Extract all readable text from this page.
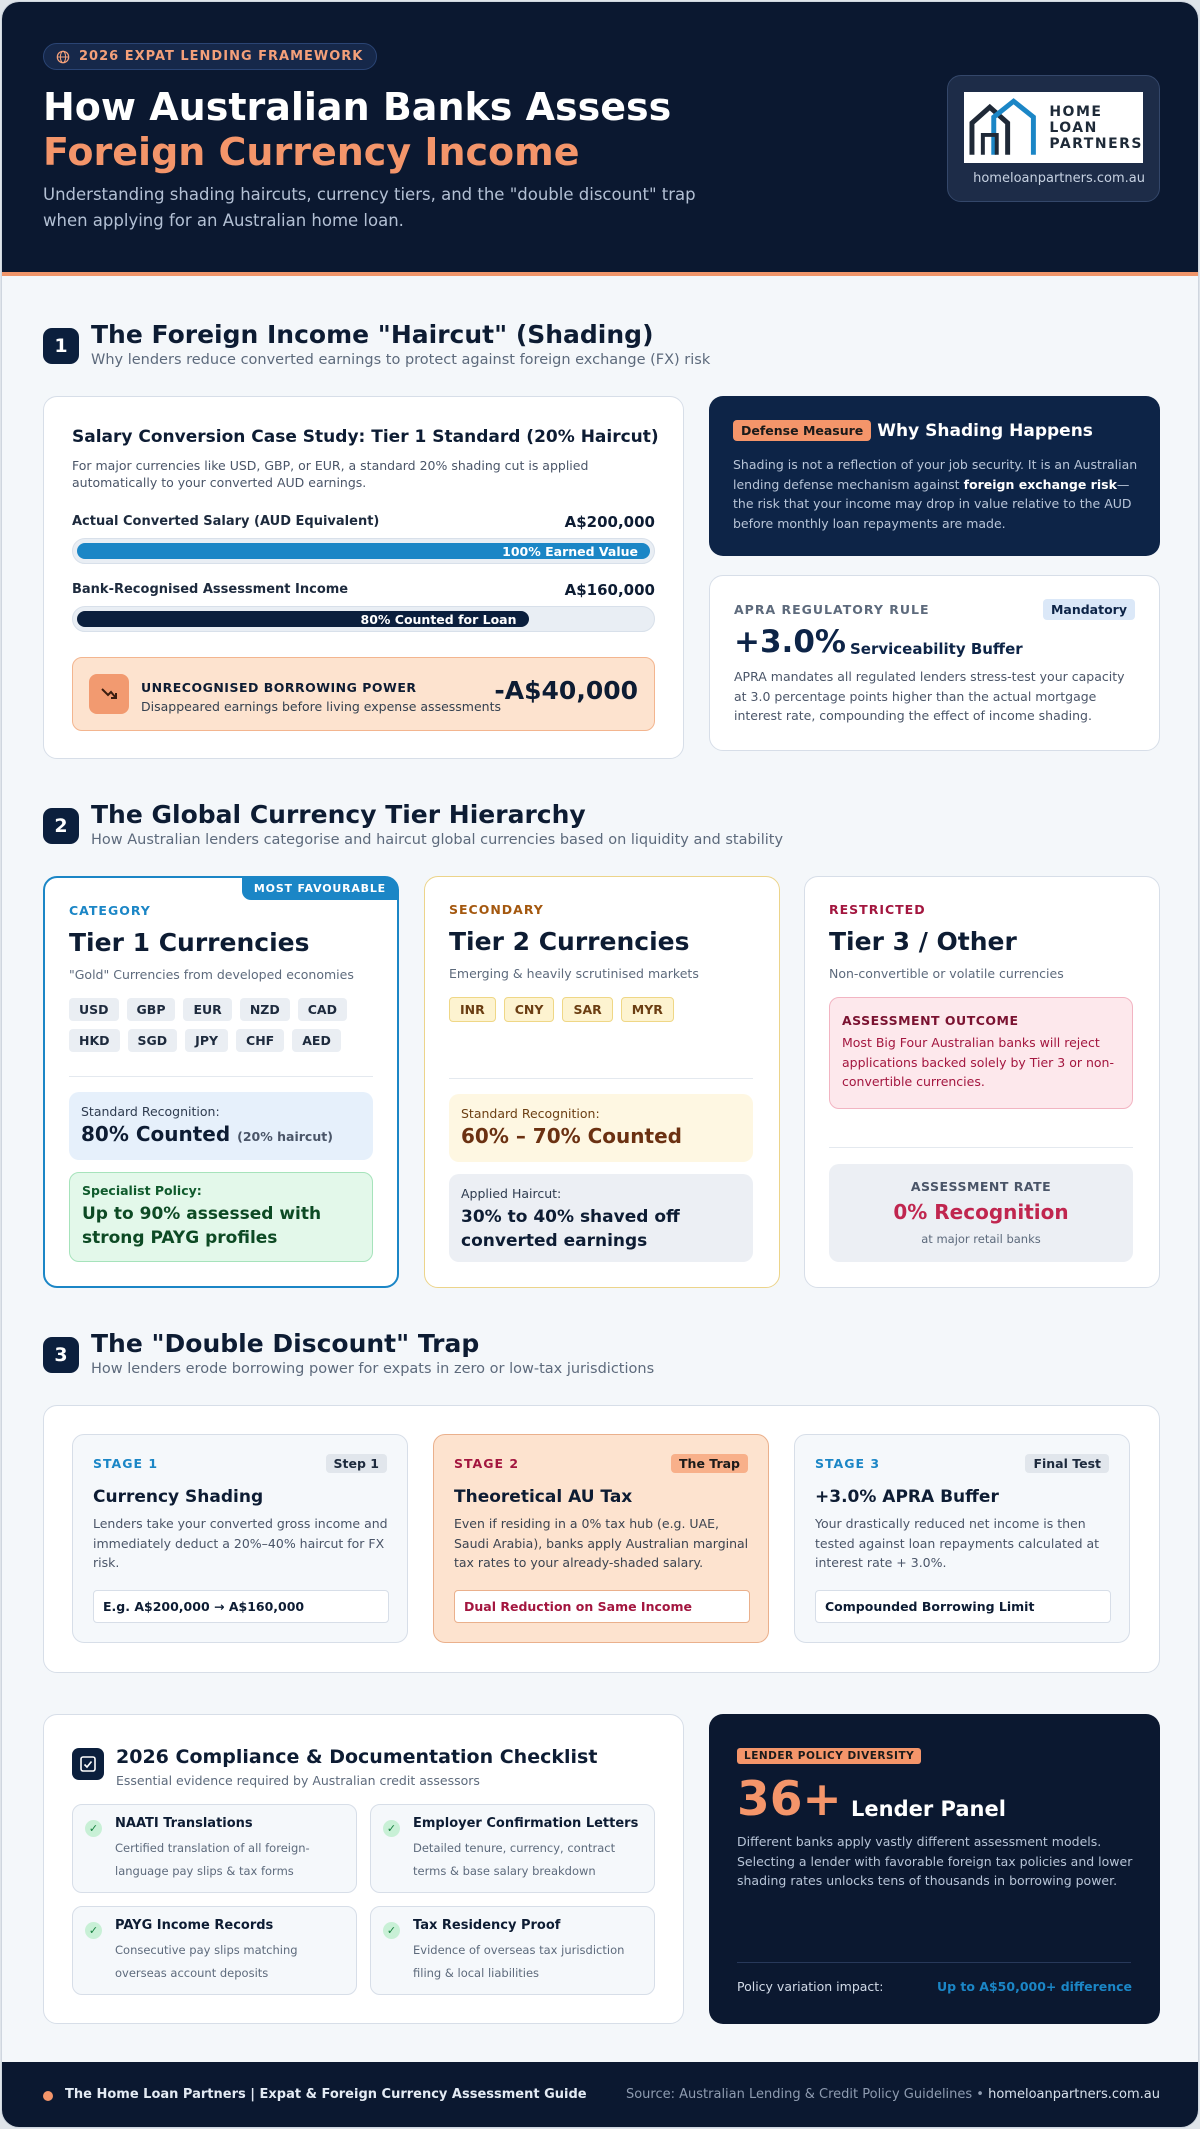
2026 EXPAT LENDING FRAMEWORK
How Australian Banks Assess
Foreign Currency Income

Understanding shading haircuts, currency tiers, and the "double discount" trap when applying for an Australian home loan.

HOME
LOAN
PARTNERS
homeloanpartners.com.au
1 The Foreign Income "Haircut" (Shading)
Why lenders reduce converted earnings to protect against foreign exchange (FX) risk
Salary Conversion Case Study: Tier 1 Standard (20% Haircut)
For major currencies like USD, GBP, or EUR, a standard 20% shading cut is applied automatically to your converted AUD earnings.
Actual Converted Salary (AUD Equivalent)	A$200,000
100% Earned Value
Bank-Recognised Assessment Income	A$160,000
80% Counted for Loan
UNRECOGNISED BORROWING POWER
Disappeared earnings before living expense assessments
-A$40,000
Defense Measure Why Shading Happens
Shading is not a reflection of your job security. It is an Australian lending defense mechanism against foreign exchange risk—the risk that your income may drop in value relative to the AUD before monthly loan repayments are made.
APRA REGULATORY RULE	Mandatory
+3.0% Serviceability Buffer
APRA mandates all regulated lenders stress-test your capacity at 3.0 percentage points higher than the actual mortgage interest rate, compounding the effect of income shading.
2 The Global Currency Tier Hierarchy
How Australian lenders categorise and haircut global currencies based on liquidity and stability
MOST FAVOURABLE
CATEGORY
Tier 1 Currencies
"Gold" Currencies from developed economies
USD	GBP	EUR	NZD	CAD
HKD	SGD	JPY	CHF	AED
Standard Recognition:
80% Counted (20% haircut)
Specialist Policy:
Up to 90% assessed with strong PAYG profiles
SECONDARY
Tier 2 Currencies
Emerging & heavily scrutinised markets
INR	CNY	SAR	MYR
Standard Recognition:
60% – 70% Counted
Applied Haircut:
30% to 40% shaved off converted earnings
RESTRICTED
Tier 3 / Other
Non-convertible or volatile currencies
ASSESSMENT OUTCOME
Most Big Four Australian banks will reject applications backed solely by Tier 3 or non-convertible currencies.
ASSESSMENT RATE
0% Recognition
at major retail banks
3 The "Double Discount" Trap
How lenders erode borrowing power for expats in zero or low-tax jurisdictions
STAGE 1	Step 1
Currency Shading
Lenders take your converted gross income and immediately deduct a 20%–40% haircut for FX risk.
E.g. A$200,000 → A$160,000
STAGE 2	The Trap
Theoretical AU Tax
Even if residing in a 0% tax hub (e.g. UAE, Saudi Arabia), banks apply Australian marginal tax rates to your already-shaded salary.
Dual Reduction on Same Income
STAGE 3	Final Test
+3.0% APRA Buffer
Your drastically reduced net income is then tested against loan repayments calculated at interest rate + 3.0%.
Compounded Borrowing Limit
2026 Compliance & Documentation Checklist
Essential evidence required by Australian credit assessors
✓ NAATI Translations
Certified translation of all foreign-language pay slips & tax forms
✓ Employer Confirmation Letters
Detailed tenure, currency, contract terms & base salary breakdown
✓ PAYG Income Records
Consecutive pay slips matching overseas account deposits
✓ Tax Residency Proof
Evidence of overseas tax jurisdiction filing & local liabilities
LENDER POLICY DIVERSITY
36+ Lender Panel
Different banks apply vastly different assessment models. Selecting a lender with favorable foreign tax policies and lower shading rates unlocks tens of thousands in borrowing power.
Policy variation impact:	Up to A$50,000+ difference
The Home Loan Partners | Expat & Foreign Currency Assessment Guide	Source: Australian Lending & Credit Policy Guidelines • homeloanpartners.com.au
